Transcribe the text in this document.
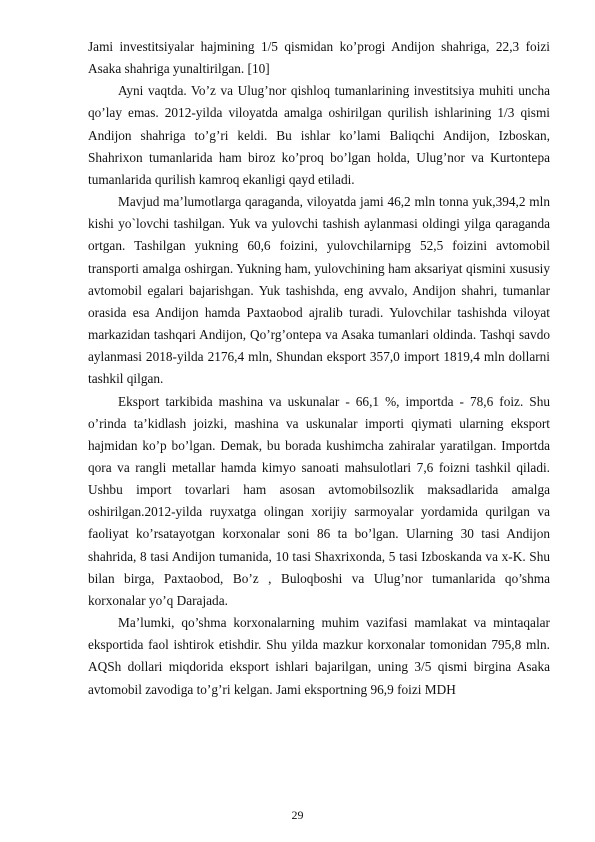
Jami investitsiyalar hajmining 1/5 qismidan ko’progi Andijon shahriga, 22,3 foizi Asaka shahriga yunaltirilgan. [10]

Ayni vaqtda. Vo’z va Ulug’nor qishloq tumanlarining investitsiya muhiti uncha qo’lay emas. 2012-yilda viloyatda amalga oshirilgan qurilish ishlarining 1/3 qismi Andijon shahriga to’g’ri keldi. Bu ishlar ko’lami Baliqchi Andijon, Izboskan, Shahrixon tumanlarida ham biroz ko’proq bo’lgan holda, Ulug’nor va Kurtontepa tumanlarida qurilish kamroq ekanligi qayd etiladi.

Mavjud ma’lumotlarga qaraganda, viloyatda jami 46,2 mln tonna yuk,394,2 mln kishi yo`lovchi tashilgan. Yuk va yulovchi tashish aylanmasi oldingi yilga qaraganda ortgan. Tashilgan yukning 60,6 foizini, yulovchilarnipg 52,5 foizini avtomobil transporti amalga oshirgan. Yukning ham, yulovchining ham aksariyat qismini xususiy avtomobil egalari bajarishgan. Yuk tashishda, eng avvalo, Andijon shahri, tumanlar orasida esa Andijon hamda Paxtaobod ajralib turadi. Yulovchilar tashishda viloyat markazidan tashqari Andijon, Qo’rg’ontepa va Asaka tumanlari oldinda. Tashqi savdo aylanmasi 2018-yilda 2176,4 mln, Shundan eksport 357,0 import 1819,4 mln dollarni tashkil qilgan.

Eksport tarkibida mashina va uskunalar - 66,1 %, importda - 78,6 foiz. Shu o’rinda ta’kidlash joizki, mashina va uskunalar importi qiymati ularning eksport hajmidan ko’p bo’lgan. Demak, bu borada kushimcha zahiralar yaratilgan. Importda qora va rangli metallar hamda kimyo sanoati mahsulotlari 7,6 foizni tashkil qiladi. Ushbu import tovarlari ham asosan avtomobilsozlik maksadlarida amalga oshirilgan.2012-yilda ruyxatga olingan xorijiy sarmoyalar yordamida qurilgan va faoliyat ko’rsatayotgan korxonalar soni 86 ta bo’lgan. Ularning 30 tasi Andijon shahrida, 8 tasi Andijon tumanida, 10 tasi Shaxrixonda, 5 tasi Izboskanda va x-K. Shu bilan birga, Paxtaobod, Bo’z , Buloqboshi va Ulug’nor tumanlarida qo’shma korxonalar yo’q Darajada.

Ma’lumki, qo’shma korxonalarning muhim vazifasi mamlakat va mintaqalar eksportida faol ishtirok etishdir. Shu yilda mazkur korxonalar tomonidan 795,8 mln. AQSh dollari miqdorida eksport ishlari bajarilgan, uning 3/5 qismi birgina Asaka avtomobil zavodiga to’g’ri kelgan. Jami eksportning 96,9 foizi MDH

29
